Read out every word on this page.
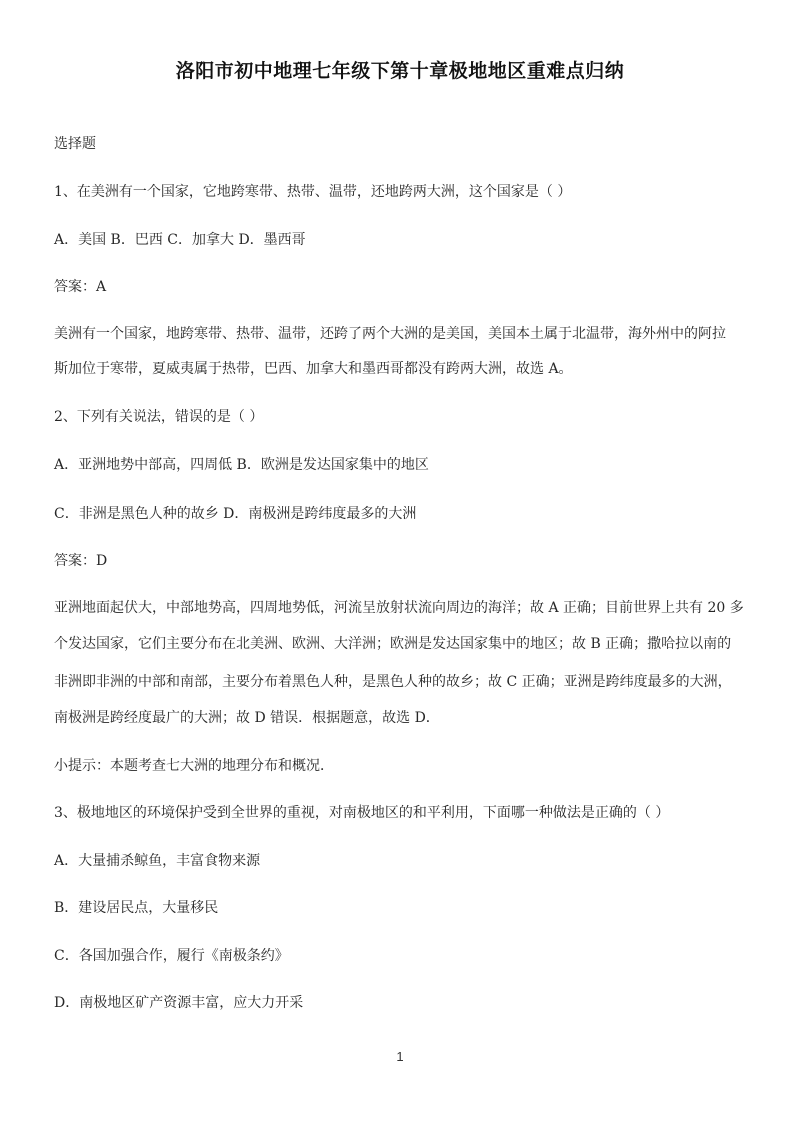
洛阳市初中地理七年级下第十章极地地区重难点归纳
选择题
1、在美洲有一个国家，它地跨寒带、热带、温带，还地跨两大洲，这个国家是（ ）
A．美国 B．巴西 C．加拿大 D．墨西哥
答案：A
美洲有一个国家，地跨寒带、热带、温带，还跨了两个大洲的是美国，美国本土属于北温带，海外州中的阿拉
斯加位于寒带，夏威夷属于热带，巴西、加拿大和墨西哥都没有跨两大洲，故选 A。
2、下列有关说法，错误的是（ ）
A．亚洲地势中部高，四周低 B．欧洲是发达国家集中的地区
C．非洲是黑色人种的故乡 D．南极洲是跨纬度最多的大洲
答案：D
亚洲地面起伏大，中部地势高，四周地势低，河流呈放射状流向周边的海洋；故 A 正确；目前世界上共有 20 多
个发达国家，它们主要分布在北美洲、欧洲、大洋洲；欧洲是发达国家集中的地区；故 B 正确；撒哈拉以南的
非洲即非洲的中部和南部，主要分布着黑色人种，是黑色人种的故乡；故 C 正确；亚洲是跨纬度最多的大洲，
南极洲是跨经度最广的大洲；故 D 错误．根据题意，故选 D．
小提示：本题考查七大洲的地理分布和概况．
3、极地地区的环境保护受到全世界的重视，对南极地区的和平利用，下面哪一种做法是正确的（ ）
A．大量捕杀鲸鱼，丰富食物来源
B．建设居民点，大量移民
C．各国加强合作，履行《南极条约》
D．南极地区矿产资源丰富，应大力开采
1
